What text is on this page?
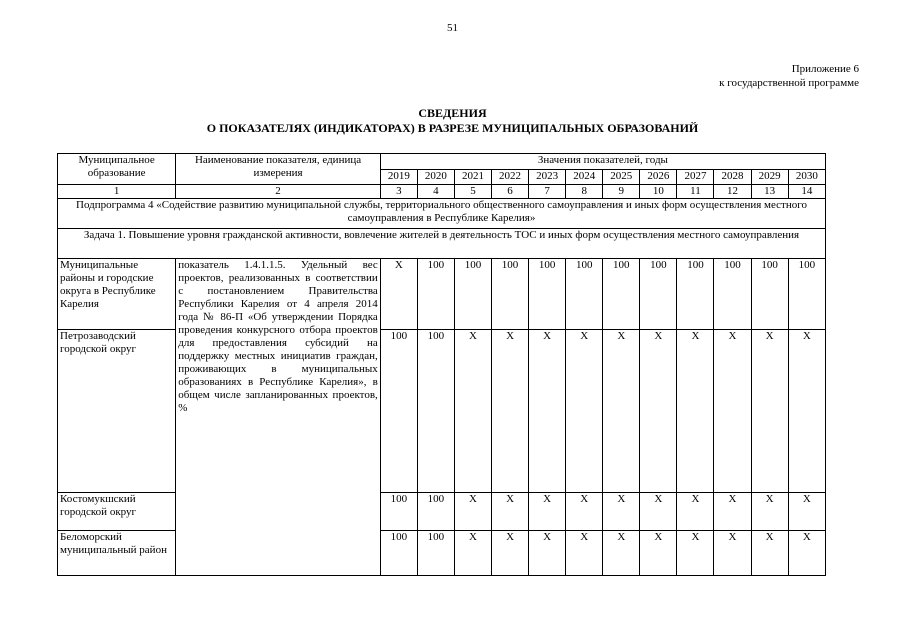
51
Приложение 6
к государственной программе
СВЕДЕНИЯ
О ПОКАЗАТЕЛЯХ (ИНДИКАТОРАХ) В РАЗРЕЗЕ МУНИЦИПАЛЬНЫХ ОБРАЗОВАНИЙ
Муниципальное образование	Наименование показателя, единица измерения	Значения показателей, годы											
		2019	2020	2021	2022	2023	2024	2025	2026	2027	2028	2029	2030
1	2	3	4	5	6	7	8	9	10	11	12	13	14
Подпрограмма 4 «Содействие развитию муниципальной службы, территориального общественного самоуправления и иных форм осуществления местного самоуправления в Республике Карелия»													
Задача 1. Повышение уровня гражданской активности, вовлечение жителей в деятельность ТОС и иных форм осуществления местного самоуправления													
Муниципальные районы и городские округа в Республике Карелия	показатель 1.4.1.1.5. Удельный вес проектов, реализованных в соответствии с постановлением Правительства Республики Карелия от 4 апреля 2014 года № 86-П «Об утверждении Порядка проведения конкурсного отбора проектов для предоставления субсидий на поддержку местных инициатив граждан, проживающих в муниципальных образованиях в Республике Карелия», в общем числе запланированных проектов, %	X	100	100	100	100	100	100	100	100	100	100	100
Петрозаводский городской округ		100	100	X	X	X	X	X	X	X	X	X	X
Костомукшский городской округ		100	100	X	X	X	X	X	X	X	X	X	X
Беломорский муниципальный район		100	100	X	X	X	X	X	X	X	X	X	X
